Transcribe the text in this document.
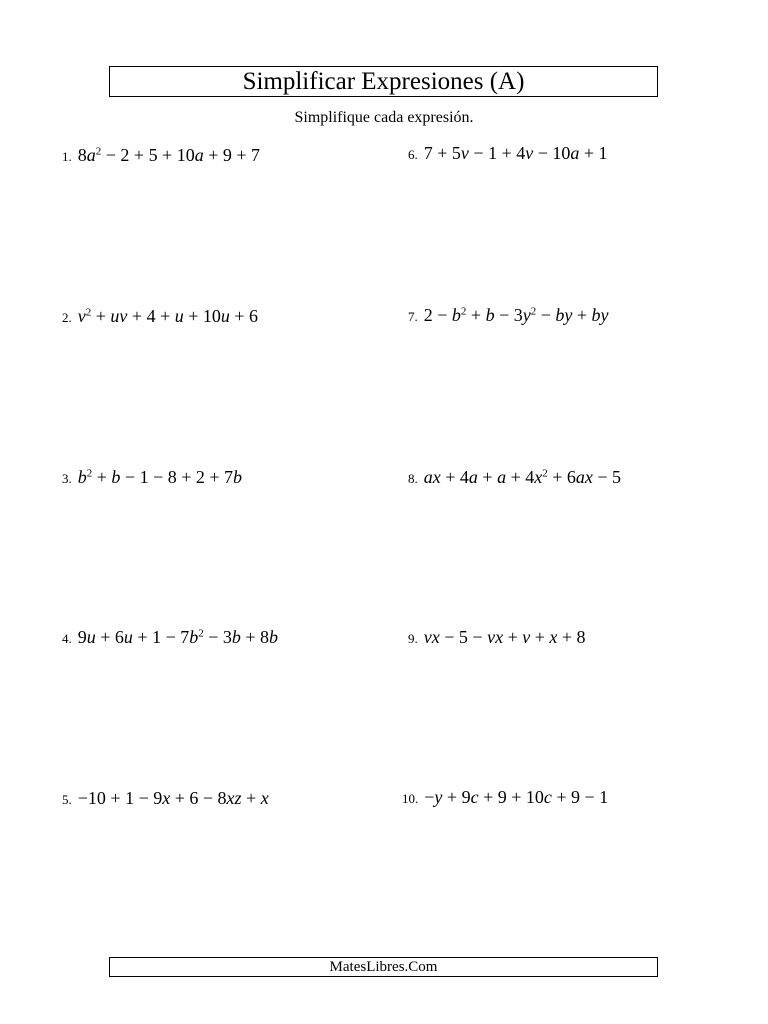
Simplificar Expresiones (A)
Simplifique cada expresión.
1. $8a^2 - 2 + 5 + 10a + 9 + 7$
2. $v^2$ + uv + 4 + u + 10u + 6
3. $b^2 + b - 1 - 8 + 2 + 7b$
4. $9u + 6u + 1 - 7b^2 - 3b + 8b$
5. −10 + 1 − 9x + 6 − 8xz + x
6. 7 + 5v − 1 + 4v − 10a + 1
7. $2 - b^2 + b - 3y^2$ − by + by
8. ax + $4a + a + 4x^2 + 6ax - 5$
9. vx − 5 − vx + v + x + 8
10. −y + 9c + 9 + 10c + 9 − 1
MatesLibres.Com
